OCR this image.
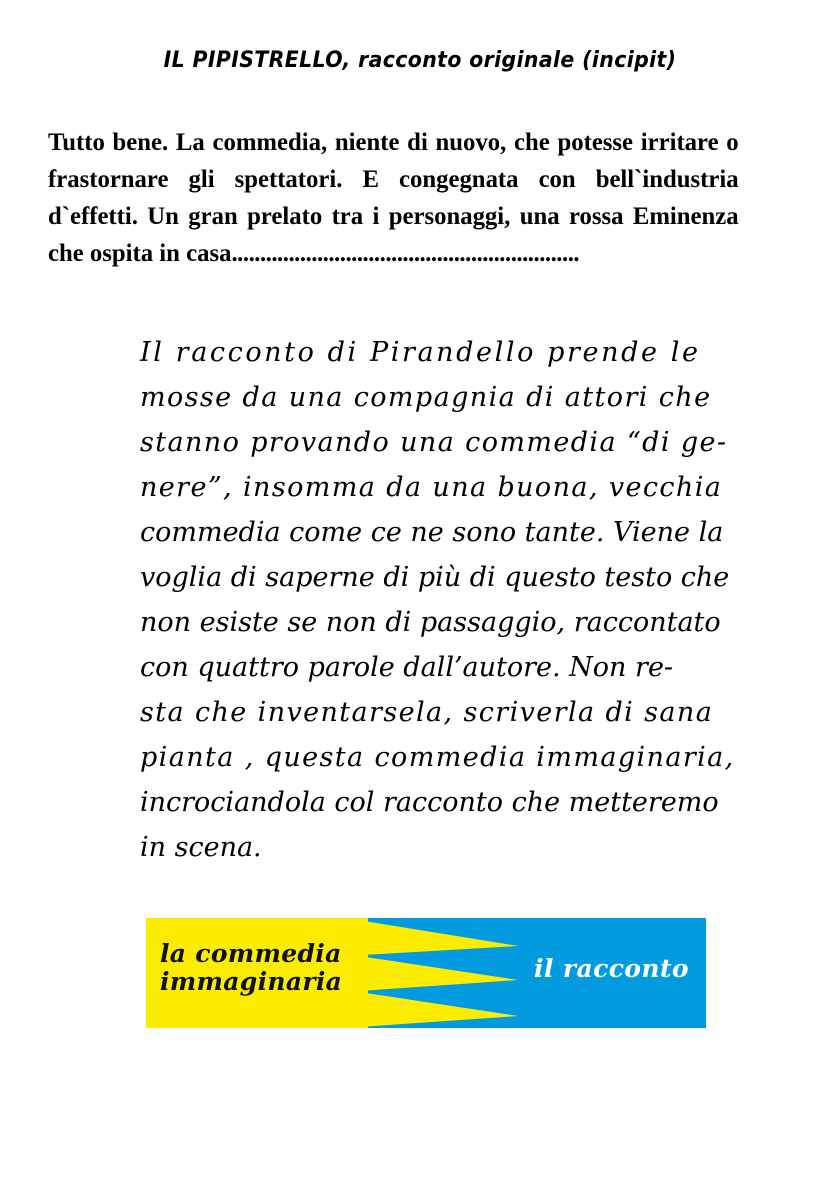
IL PIPISTRELLO, racconto originale (incipit)
Tutto bene. La commedia, niente di nuovo, che potesse irritare o frastornare gli spettatori. E congegnata con bell`industria d`effetti. Un gran prelato tra i personaggi, una rossa Eminenza che ospita in casa.............................................................
Il racconto di Pirandello prende le
mosse da una compagnia di attori che
stanno provando una commedia “di ge-
nere”, insomma da una buona, vecchia
commedia come ce ne sono tante. Viene la
voglia di saperne di più di questo testo che
non esiste se non di passaggio, raccontato
con quattro parole dall’autore. Non re-
sta che inventarsela, scriverla di sana
pianta , questa commedia immaginaria,
incrociandola col racconto che metteremo
in scena.
la commedia
immaginaria	il racconto
